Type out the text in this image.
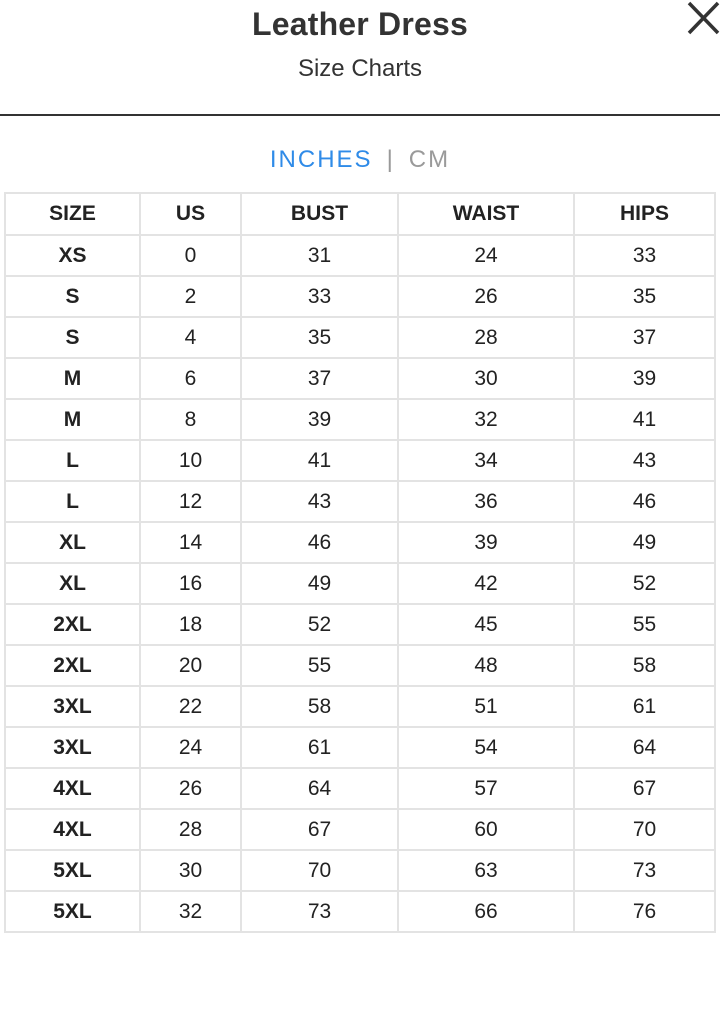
Leather Dress
Size Charts
INCHES | CM
SIZE	US	BUST	WAIST	HIPS
XS	0	31	24	33
S	2	33	26	35
S	4	35	28	37
M	6	37	30	39
M	8	39	32	41
L	10	41	34	43
L	12	43	36	46
XL	14	46	39	49
XL	16	49	42	52
2XL	18	52	45	55
2XL	20	55	48	58
3XL	22	58	51	61
3XL	24	61	54	64
4XL	26	64	57	67
4XL	28	67	60	70
5XL	30	70	63	73
5XL	32	73	66	76
